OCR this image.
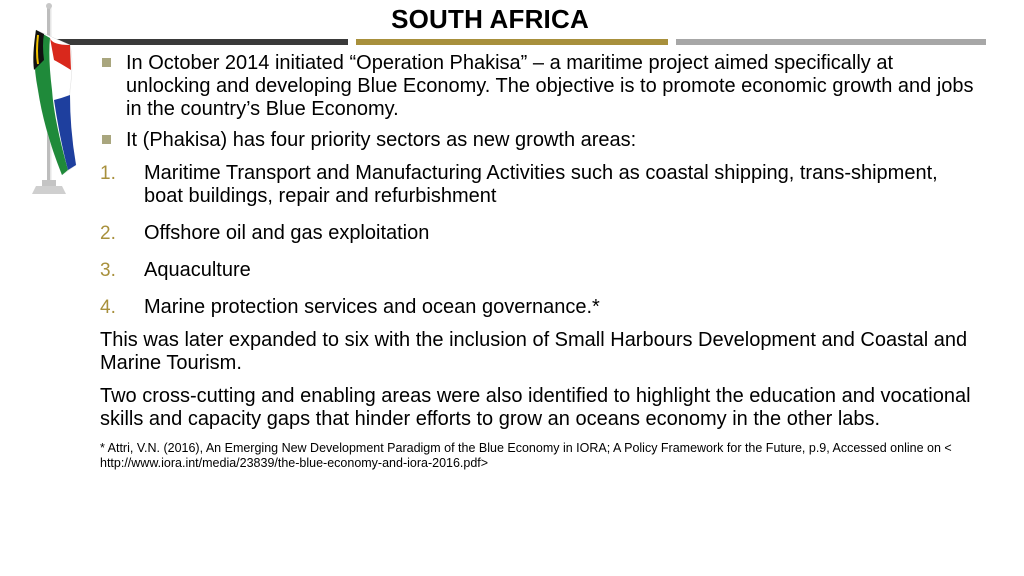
SOUTH AFRICA
In October 2014 initiated “Operation Phakisa” – a maritime project aimed specifically at unlocking and developing Blue Economy. The objective is to promote economic growth and jobs in the country’s Blue Economy.
It (Phakisa) has four priority sectors as new growth areas:
1. Maritime Transport and Manufacturing Activities such as coastal shipping, trans-shipment, boat buildings, repair and refurbishment
2. Offshore oil and gas exploitation
3. Aquaculture
4. Marine protection services and ocean governance.*
This was later expanded to six with the inclusion of Small Harbours Development and Coastal and Marine Tourism.
Two cross-cutting and enabling areas were also identified to highlight the education and vocational skills and capacity gaps that hinder efforts to grow an oceans economy in the other labs.
* Attri, V.N. (2016), An Emerging New Development Paradigm of the Blue Economy in IORA; A Policy Framework for the Future, p.9, Accessed online on < http://www.iora.int/media/23839/the-blue-economy-and-iora-2016.pdf>
